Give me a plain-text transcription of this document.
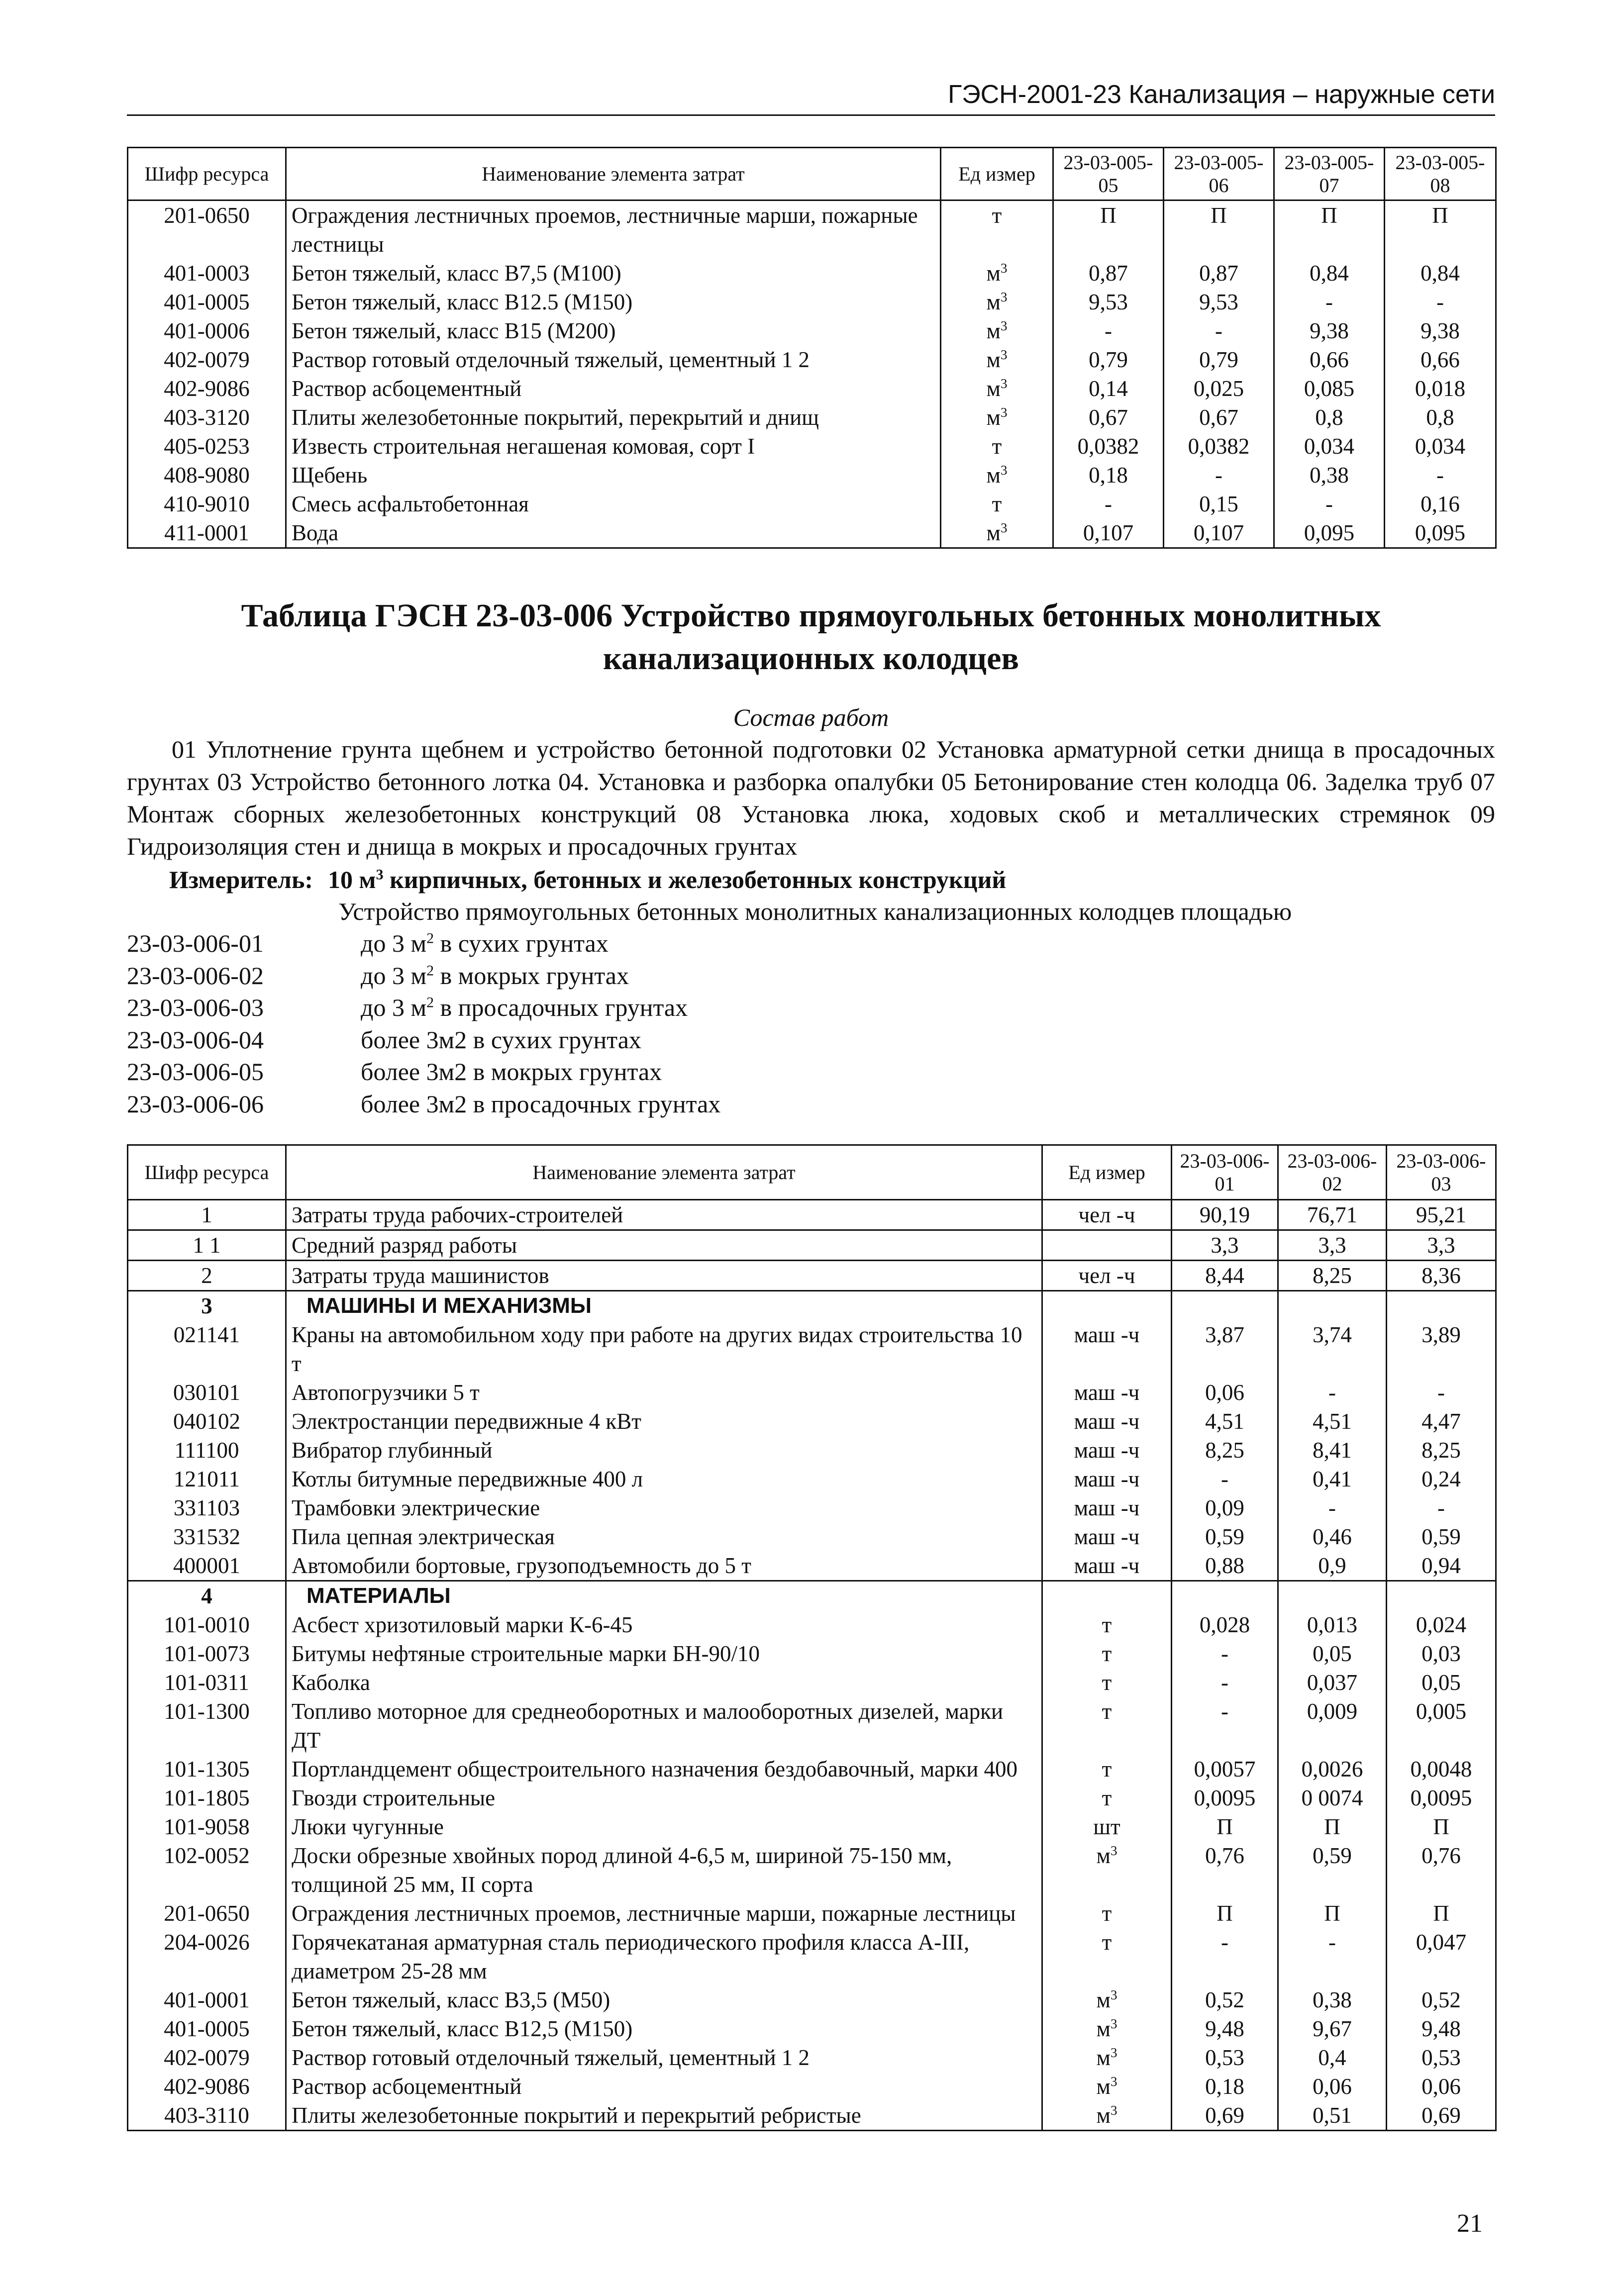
ГЭСН-2001-23 Канализация – наружные сети
Шифр ресурса	Наименование элемента затрат	Ед измер	23-03-005-05	23-03-005-06	23-03-005-07	23-03-005-08
201-0650	Ограждения лестничных проемов, лестничные марши, пожарные лестницы	т	П	П	П	П
401-0003	Бетон тяжелый, класс В7,5 (М100)	$м^3$	0,87	0,87	0,84	0,84
401-0005	Бетон тяжелый, класс В12.5 (М150)	$м^3$	9,53	9,53	-	-
401-0006	Бетон тяжелый, класс В15 (М200)	$м^3$	-	-	9,38	9,38
402-0079	Раствор готовый отделочный тяжелый, цементный 1 2	$м^3$	0,79	0,79	0,66	0,66
402-9086	Раствор асбоцементный	$м^3$	0,14	0,025	0,085	0,018
403-3120	Плиты железобетонные покрытий, перекрытий и днищ	$м^3$	0,67	0,67	0,8	0,8
405-0253	Известь строительная негашеная комовая, сорт I	т	0,0382	0,0382	0,034	0,034
408-9080	Щебень	$м^3$	0,18	-	0,38	-
410-9010	Смесь асфальтобетонная	т	-	0,15	-	0,16
411-0001	Вода	$м^3$	0,107	0,107	0,095	0,095
Таблица ГЭСН 23-03-006 Устройство прямоугольных бетонных монолитных канализационных колодцев
Состав работ
01 Уплотнение грунта щебнем и устройство бетонной подготовки 02 Установка арматурной сетки днища в просадочных грунтах 03 Устройство бетонного лотка 04. Установка и разборка опалубки 05 Бетонирование стен колодца 06. Заделка труб 07 Монтаж сборных железобетонных конструкций 08 Установка люка, ходовых скоб и металлических стремянок 09 Гидроизоляция стен и днища в мокрых и просадочных грунтах
Измеритель: 10 $м^3$ кирпичных, бетонных и железобетонных конструкций
Устройство прямоугольных бетонных монолитных канализационных колодцев площадью
23-03-006-01	до 3 $м^2$ в сухих грунтах
23-03-006-02	до 3 $м^2$ в мокрых грунтах
23-03-006-03	до 3 $м^2$ в просадочных грунтах
23-03-006-04	более 3м2 в сухих грунтах
23-03-006-05	более 3м2 в мокрых грунтах
23-03-006-06	более 3м2 в просадочных грунтах
Шифр ресурса	Наименование элемента затрат	Ед измер	23-03-006-01	23-03-006-02	23-03-006-03
1	Затраты труда рабочих-строителей	чел -ч	90,19	76,71	95,21
1 1	Средний разряд работы		3,3	3,3	3,3
2	Затраты труда машинистов	чел -ч	8,44	8,25	8,36
3	МАШИНЫ И МЕХАНИЗМЫ				
021141	Краны на автомобильном ходу при работе на других видах строительства 10 т	маш -ч	3,87	3,74	3,89
030101	Автопогрузчики 5 т	маш -ч	0,06	-	-
040102	Электростанции передвижные 4 кВт	маш -ч	4,51	4,51	4,47
111100	Вибратор глубинный	маш -ч	8,25	8,41	8,25
121011	Котлы битумные передвижные 400 л	маш -ч	-	0,41	0,24
331103	Трамбовки электрические	маш -ч	0,09	-	-
331532	Пила цепная электрическая	маш -ч	0,59	0,46	0,59
400001	Автомобили бортовые, грузоподъемность до 5 т	маш -ч	0,88	0,9	0,94
4	МАТЕРИАЛЫ				
101-0010	Асбест хризотиловый марки К-6-45	т	0,028	0,013	0,024
101-0073	Битумы нефтяные строительные марки БН-90/10	т	-	0,05	0,03
101-0311	Каболка	т	-	0,037	0,05
101-1300	Топливо моторное для среднеоборотных и малооборотных дизелей, марки ДТ	т	-	0,009	0,005
101-1305	Портландцемент общестроительного назначения бездобавочный, марки 400	т	0,0057	0,0026	0,0048
101-1805	Гвозди строительные	т	0,0095	0 0074	0,0095
101-9058	Люки чугунные	шт	П	П	П
102-0052	Доски обрезные хвойных пород длиной 4-6,5 м, шириной 75-150 мм, толщиной 25 мм, II сорта	$м^3$	0,76	0,59	0,76
201-0650	Ограждения лестничных проемов, лестничные марши, пожарные лестницы	т	П	П	П
204-0026	Горячекатаная арматурная сталь периодического профиля класса А-III, диаметром 25-28 мм	т	-	-	0,047
401-0001	Бетон тяжелый, класс В3,5 (М50)	$м^3$	0,52	0,38	0,52
401-0005	Бетон тяжелый, класс В12,5 (М150)	$м^3$	9,48	9,67	9,48
402-0079	Раствор готовый отделочный тяжелый, цементный 1 2	$м^3$	0,53	0,4	0,53
402-9086	Раствор асбоцементный	$м^3$	0,18	0,06	0,06
403-3110	Плиты железобетонные покрытий и перекрытий ребристые	$м^3$	0,69	0,51	0,69
21
